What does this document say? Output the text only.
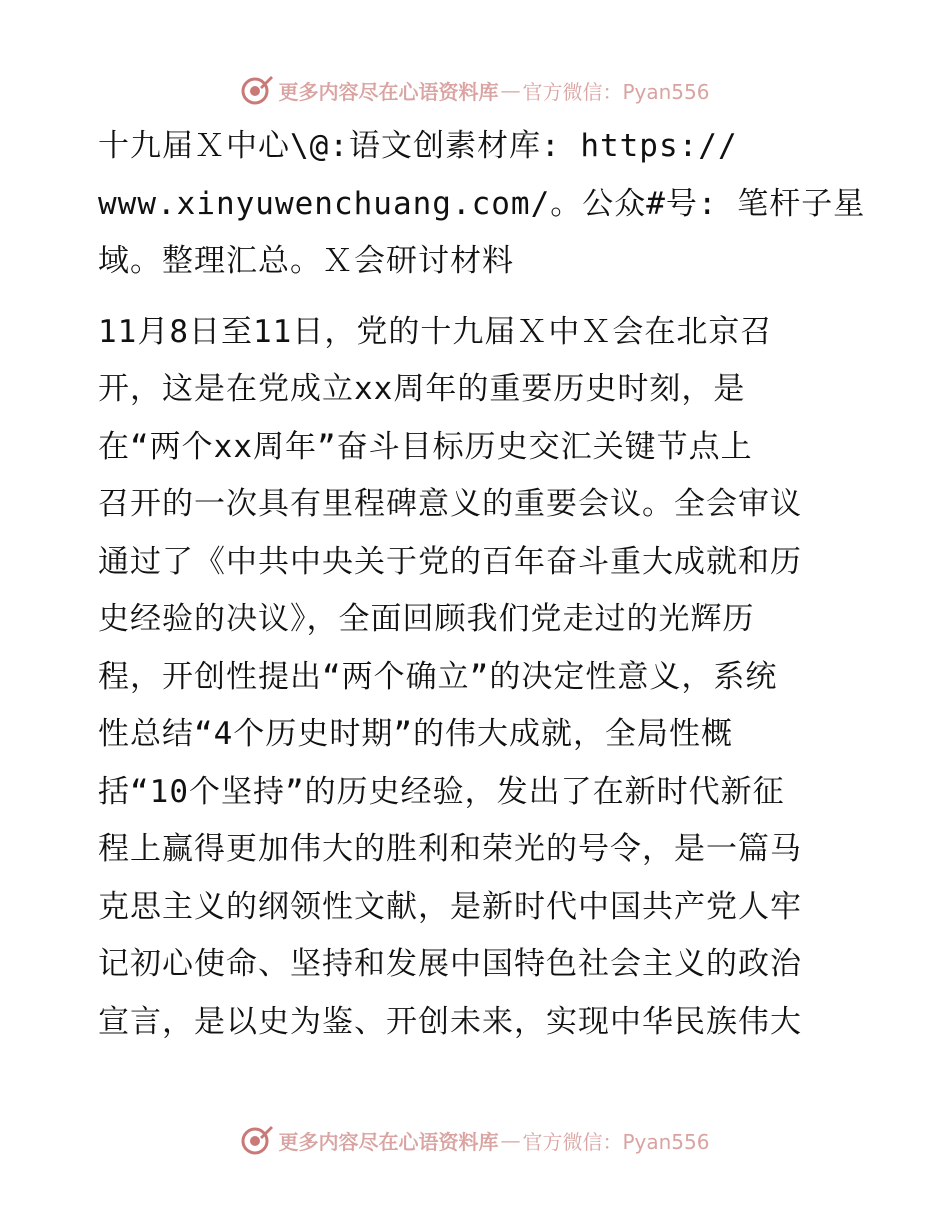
更多内容尽在心语资料库 — 官方微信：Pyan556

十九届Ｘ中心\@:语文创素材库: https://
www.xinyuwenchuang.com/。公众#号: 笔杆子星
域。整理汇总。Ｘ会研讨材料

11月8日至11日，党的十九届Ｘ中Ｘ会在北京召
开，这是在党成立xx周年的重要历史时刻，是
在“两个xx周年”奋斗目标历史交汇关键节点上
召开的一次具有里程碑意义的重要会议。全会审议
通过了《中共中央关于党的百年奋斗重大成就和历
史经验的决议》，全面回顾我们党走过的光辉历
程，开创性提出“两个确立”的决定性意义，系统
性总结“4个历史时期”的伟大成就，全局性概
括“10个坚持”的历史经验，发出了在新时代新征
程上赢得更加伟大的胜利和荣光的号令，是一篇马
克思主义的纲领性文献，是新时代中国共产党人牢
记初心使命、坚持和发展中国特色社会主义的政治
宣言，是以史为鉴、开创未来，实现中华民族伟大

更多内容尽在心语资料库 — 官方微信：Pyan556
